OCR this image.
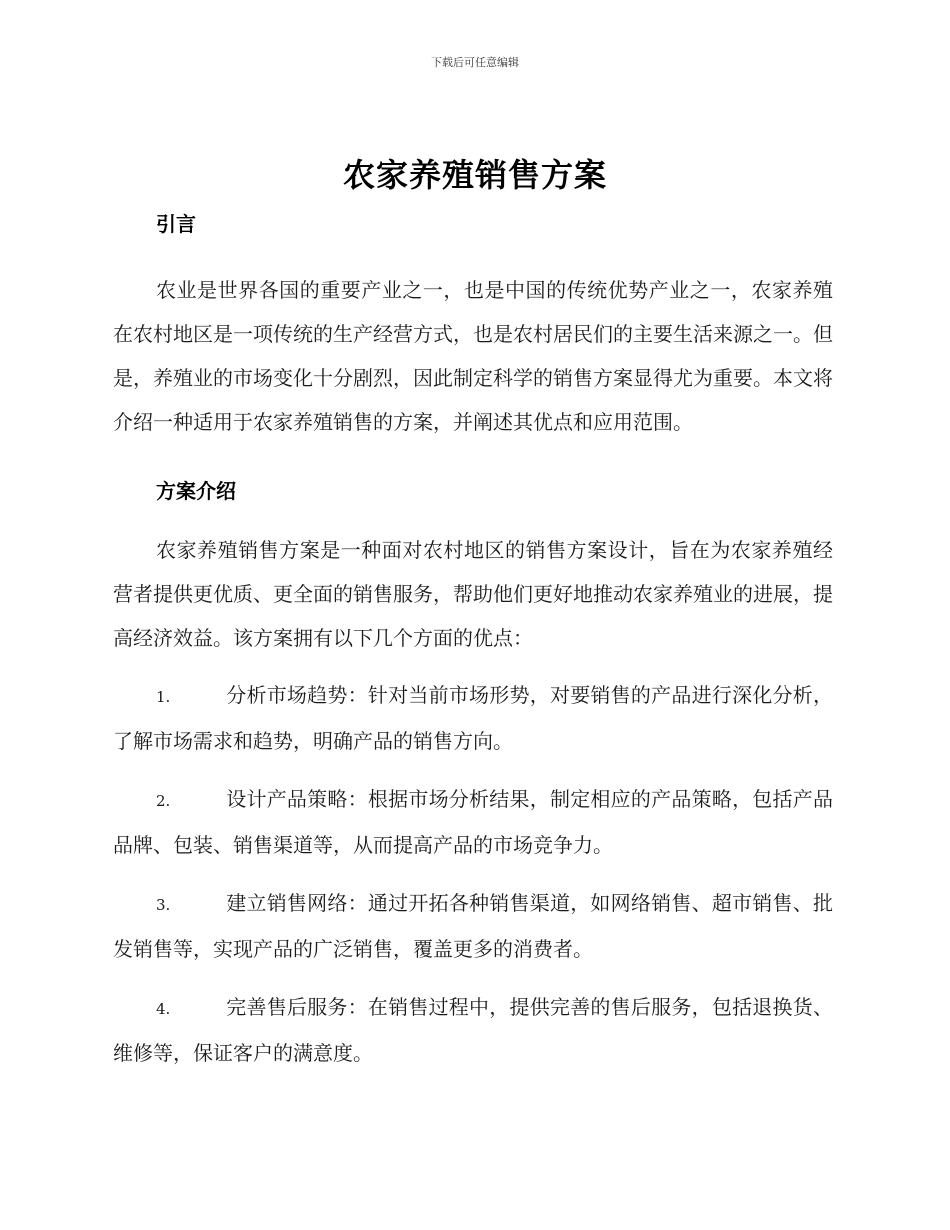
下载后可任意编辑
农家养殖销售方案
引言

农业是世界各国的重要产业之一，也是中国的传统优势产业之一，农家养殖在农村地区是一项传统的生产经营方式，也是农村居民们的主要生活来源之一。但是，养殖业的市场变化十分剧烈，因此制定科学的销售方案显得尤为重要。本文将介绍一种适用于农家养殖销售的方案，并阐述其优点和应用范围。

方案介绍

农家养殖销售方案是一种面对农村地区的销售方案设计，旨在为农家养殖经营者提供更优质、更全面的销售服务，帮助他们更好地推动农家养殖业的进展，提高经济效益。该方案拥有以下几个方面的优点：

1.	分析市场趋势：针对当前市场形势，对要销售的产品进行深化分析，了解市场需求和趋势，明确产品的销售方向。
2.	设计产品策略：根据市场分析结果，制定相应的产品策略，包括产品品牌、包装、销售渠道等，从而提高产品的市场竞争力。
3.	建立销售网络：通过开拓各种销售渠道，如网络销售、超市销售、批发销售等，实现产品的广泛销售，覆盖更多的消费者。
4.	完善售后服务：在销售过程中，提供完善的售后服务，包括退换货、维修等，保证客户的满意度。
